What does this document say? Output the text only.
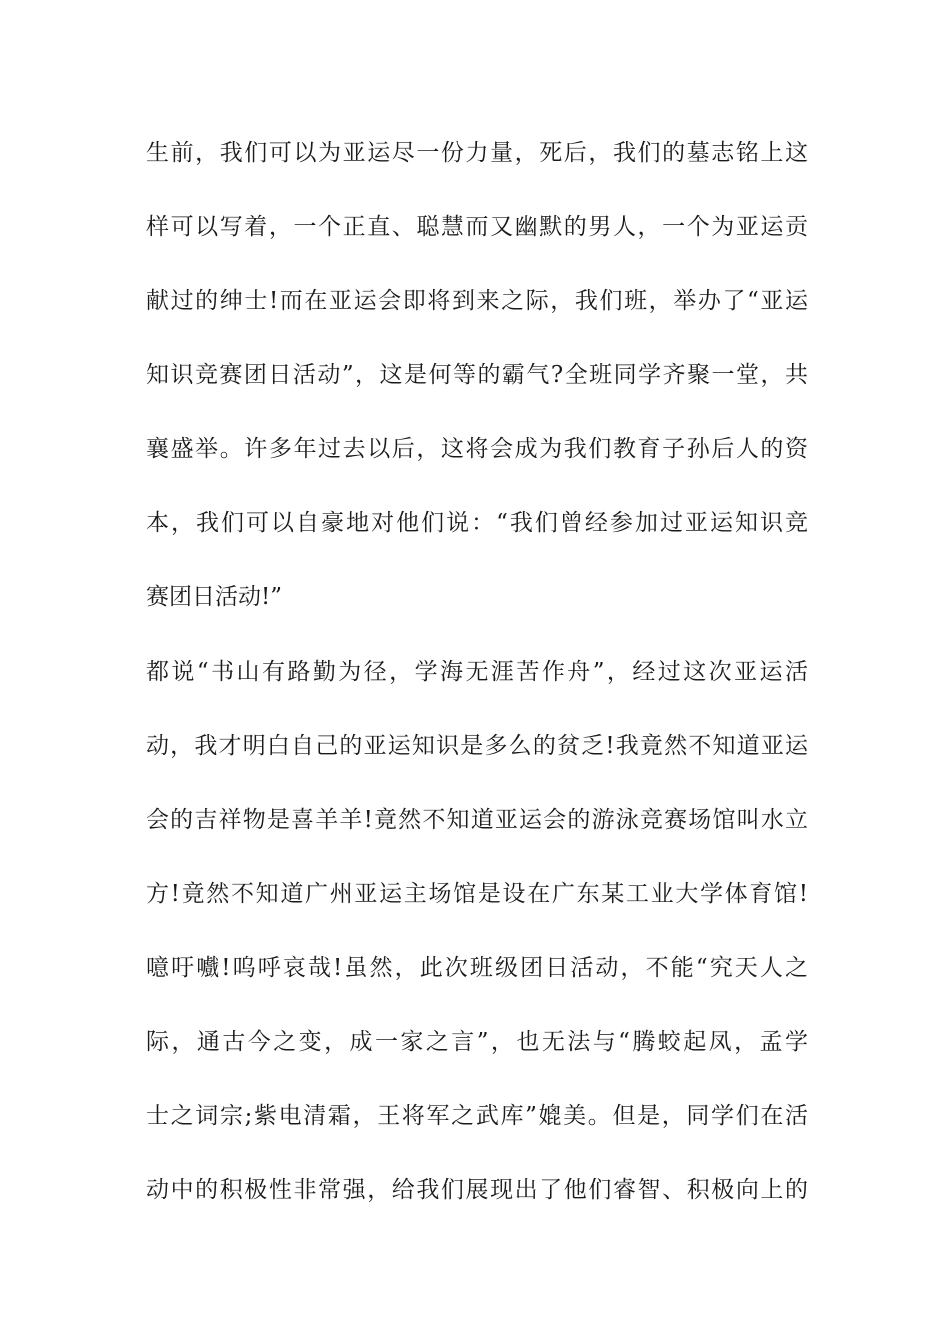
生前，我们可以为亚运尽一份力量，死后，我们的墓志铭上这
样可以写着，一个正直、聪慧而又幽默的男人，一个为亚运贡
献过的绅士!而在亚运会即将到来之际，我们班，举办了“亚运
知识竞赛团日活动”，这是何等的霸气?全班同学齐聚一堂，共
襄盛举。许多年过去以后，这将会成为我们教育子孙后人的资
本，我们可以自豪地对他们说：“我们曾经参加过亚运知识竞
赛团日活动!”
都说“书山有路勤为径，学海无涯苦作舟”，经过这次亚运活
动，我才明白自己的亚运知识是多么的贫乏!我竟然不知道亚运
会的吉祥物是喜羊羊!竟然不知道亚运会的游泳竞赛场馆叫水立
方!竟然不知道广州亚运主场馆是设在广东某工业大学体育馆!
噫吁嚱!呜呼哀哉!虽然，此次班级团日活动，不能“究天人之
际，通古今之变，成一家之言”，也无法与“腾蛟起凤，孟学
士之词宗;紫电清霜，王将军之武库”媲美。但是，同学们在活
动中的积极性非常强，给我们展现出了他们睿智、积极向上的
